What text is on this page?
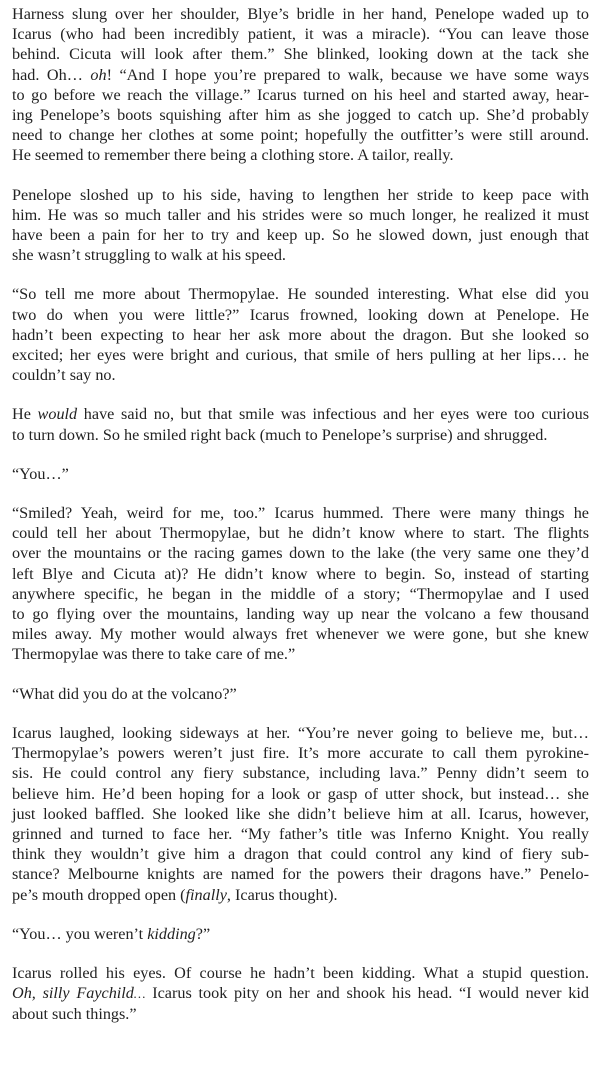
Harness slung over her shoulder, Blye’s bridle in her hand, Penelope waded up to
Icarus (who had been incredibly patient, it was a miracle). “You can leave those
behind. Cicuta will look after them.” She blinked, looking down at the tack she
had. Oh… oh! “And I hope you’re prepared to walk, because we have some ways
to go before we reach the village.” Icarus turned on his heel and started away, hear-
ing Penelope’s boots squishing after him as she jogged to catch up. She’d probably
need to change her clothes at some point; hopefully the outfitter’s were still around.
He seemed to remember there being a clothing store. A tailor, really.

Penelope sloshed up to his side, having to lengthen her stride to keep pace with
him. He was so much taller and his strides were so much longer, he realized it must
have been a pain for her to try and keep up. So he slowed down, just enough that
she wasn’t struggling to walk at his speed.

“So tell me more about Thermopylae. He sounded interesting. What else did you
two do when you were little?” Icarus frowned, looking down at Penelope. He
hadn’t been expecting to hear her ask more about the dragon. But she looked so
excited; her eyes were bright and curious, that smile of hers pulling at her lips… he
couldn’t say no.

He would have said no, but that smile was infectious and her eyes were too curious
to turn down. So he smiled right back (much to Penelope’s surprise) and shrugged.

“You…”

“Smiled? Yeah, weird for me, too.” Icarus hummed. There were many things he
could tell her about Thermopylae, but he didn’t know where to start. The flights
over the mountains or the racing games down to the lake (the very same one they’d
left Blye and Cicuta at)? He didn’t know where to begin. So, instead of starting
anywhere specific, he began in the middle of a story; “Thermopylae and I used
to go flying over the mountains, landing way up near the volcano a few thousand
miles away. My mother would always fret whenever we were gone, but she knew
Thermopylae was there to take care of me.”

“What did you do at the volcano?”

Icarus laughed, looking sideways at her. “You’re never going to believe me, but…
Thermopylae’s powers weren’t just fire. It’s more accurate to call them pyrokine-
sis. He could control any fiery substance, including lava.” Penny didn’t seem to
believe him. He’d been hoping for a look or gasp of utter shock, but instead… she
just looked baffled. She looked like she didn’t believe him at all. Icarus, however,
grinned and turned to face her. “My father’s title was Inferno Knight. You really
think they wouldn’t give him a dragon that could control any kind of fiery sub-
stance? Melbourne knights are named for the powers their dragons have.” Penelo-
pe’s mouth dropped open (finally, Icarus thought).

“You… you weren’t kidding?”

Icarus rolled his eyes. Of course he hadn’t been kidding. What a stupid question.
Oh, silly Faychild… Icarus took pity on her and shook his head. “I would never kid
about such things.”
